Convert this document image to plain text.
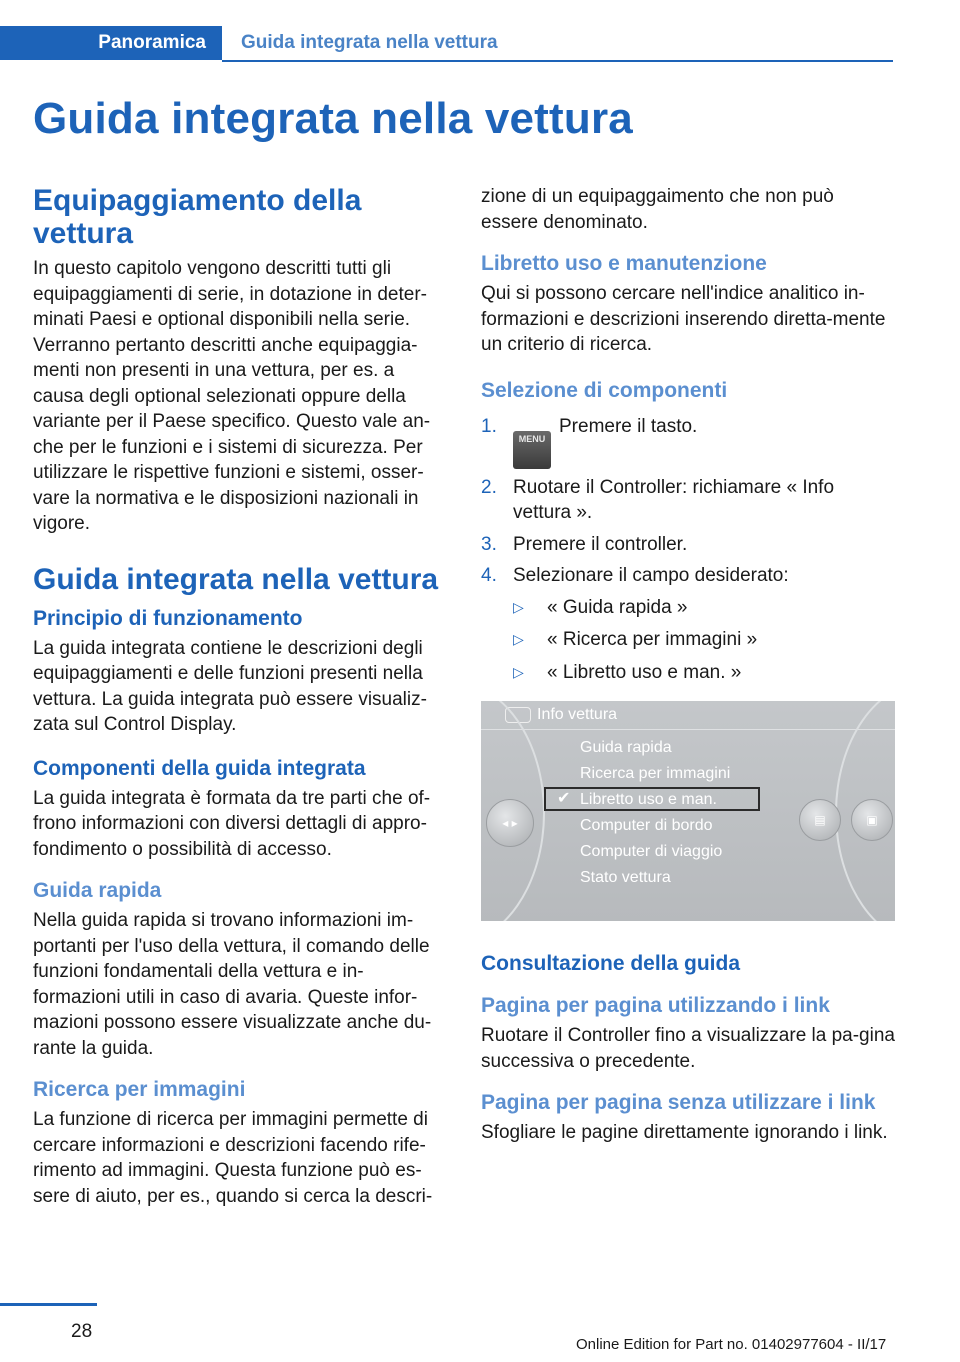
Panoramica	Guida integrata nella vettura
Guida integrata nella vettura
Equipaggiamento della vettura

In questo capitolo vengono descritti tutti gli equipaggiamenti di serie, in dotazione in deter-minati Paesi e optional disponibili nella serie. Verranno pertanto descritti anche equipaggia-menti non presenti in una vettura, per es. a causa degli optional selezionati oppure della variante per il Paese specifico. Questo vale an-che per le funzioni e i sistemi di sicurezza. Per utilizzare le rispettive funzioni e sistemi, osser-vare la normativa e le disposizioni nazionali in vigore.

Guida integrata nella vettura
Principio di funzionamento

La guida integrata contiene le descrizioni degli equipaggiamenti e delle funzioni presenti nella vettura. La guida integrata può essere visualiz-zata sul Control Display.

Componenti della guida integrata

La guida integrata è formata da tre parti che of-frono informazioni con diversi dettagli di appro-fondimento o possibilità di accesso.

Guida rapida

Nella guida rapida si trovano informazioni im-portanti per l'uso della vettura, il comando delle funzioni fondamentali della vettura e in-formazioni utili in caso di avaria. Queste infor-mazioni possono essere visualizzate anche du-rante la guida.

Ricerca per immagini

La funzione di ricerca per immagini permette di cercare informazioni e descrizioni facendo rife-rimento ad immagini. Questa funzione può es-sere di aiuto, per es., quando si cerca la descri-

zione di un equipaggaimento che non può essere denominato.

Libretto uso e manutenzione

Qui si possono cercare nell'indice analitico in-formazioni e descrizioni inserendo diretta-mente un criterio di ricerca.

Selezione di componenti
1.
MENUPremere il tasto.
2. Ruotare il Controller: richiamare « Info vettura ».
3. Premere il controller.
4. Selezionare il campo desiderato:
▷	« Guida rapida »
▷	« Ricerca per immagini »
▷	« Libretto uso e man. »
Info vettura
◂ ▸	▤	▣
✔
Guida rapida
Ricerca per immagini
Libretto uso e man.
Computer di bordo
Computer di viaggio
Stato vettura
Consultazione della guida
Pagina per pagina utilizzando i link

Ruotare il Controller fino a visualizzare la pa-gina successiva o precedente.

Pagina per pagina senza utilizzare i link

Sfogliare le pagine direttamente ignorando i link.

28
Online Edition for Part no. 01402977604 - II/17
